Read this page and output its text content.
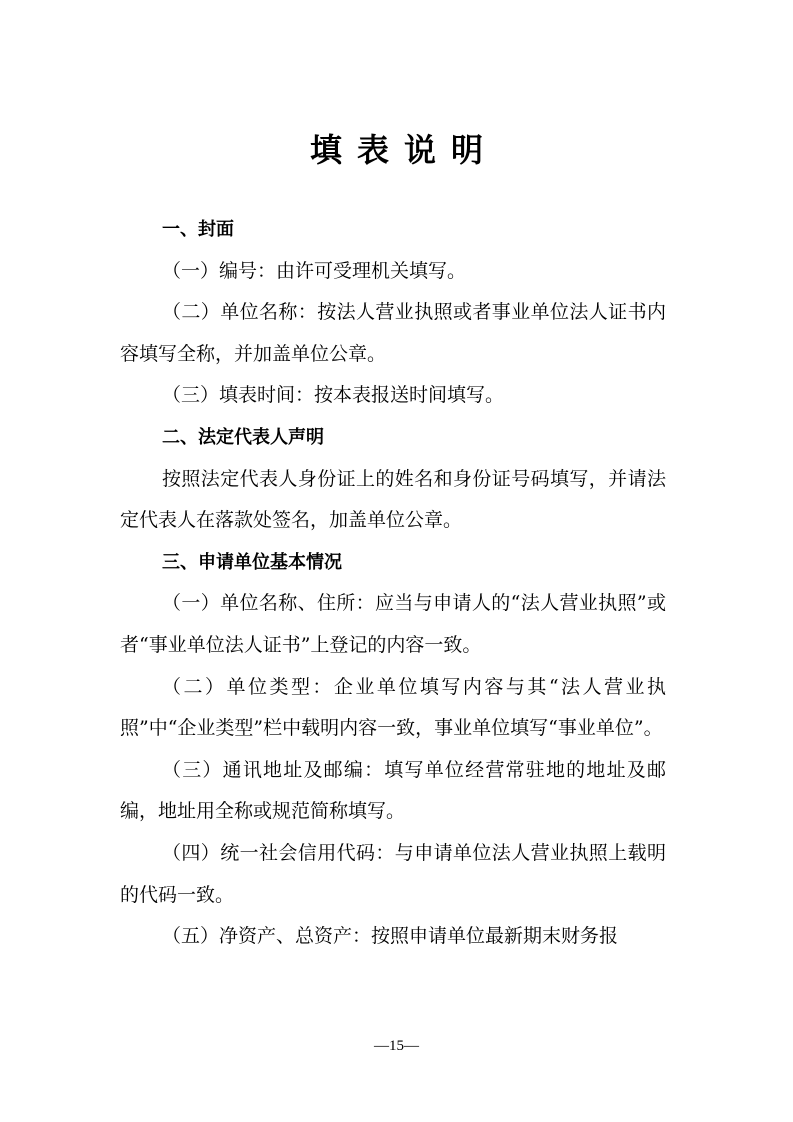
填表说明
一、封面

（一）编号：由许可受理机关填写。

（二）单位名称：按法人营业执照或者事业单位法人证书内容填写全称，并加盖单位公章。

（三）填表时间：按本表报送时间填写。

二、法定代表人声明

按照法定代表人身份证上的姓名和身份证号码填写，并请法定代表人在落款处签名，加盖单位公章。

三、申请单位基本情况

（一）单位名称、住所：应当与申请人的“法人营业执照”或者“事业单位法人证书”上登记的内容一致。

（二）单位类型：企业单位填写内容与其“法人营业执照”中“企业类型”栏中载明内容一致，事业单位填写“事业单位”。

（三）通讯地址及邮编：填写单位经营常驻地的地址及邮编，地址用全称或规范简称填写。

（四）统一社会信用代码：与申请单位法人营业执照上载明的代码一致。

（五）净资产、总资产：按照申请单位最新期末财务报

—15—
